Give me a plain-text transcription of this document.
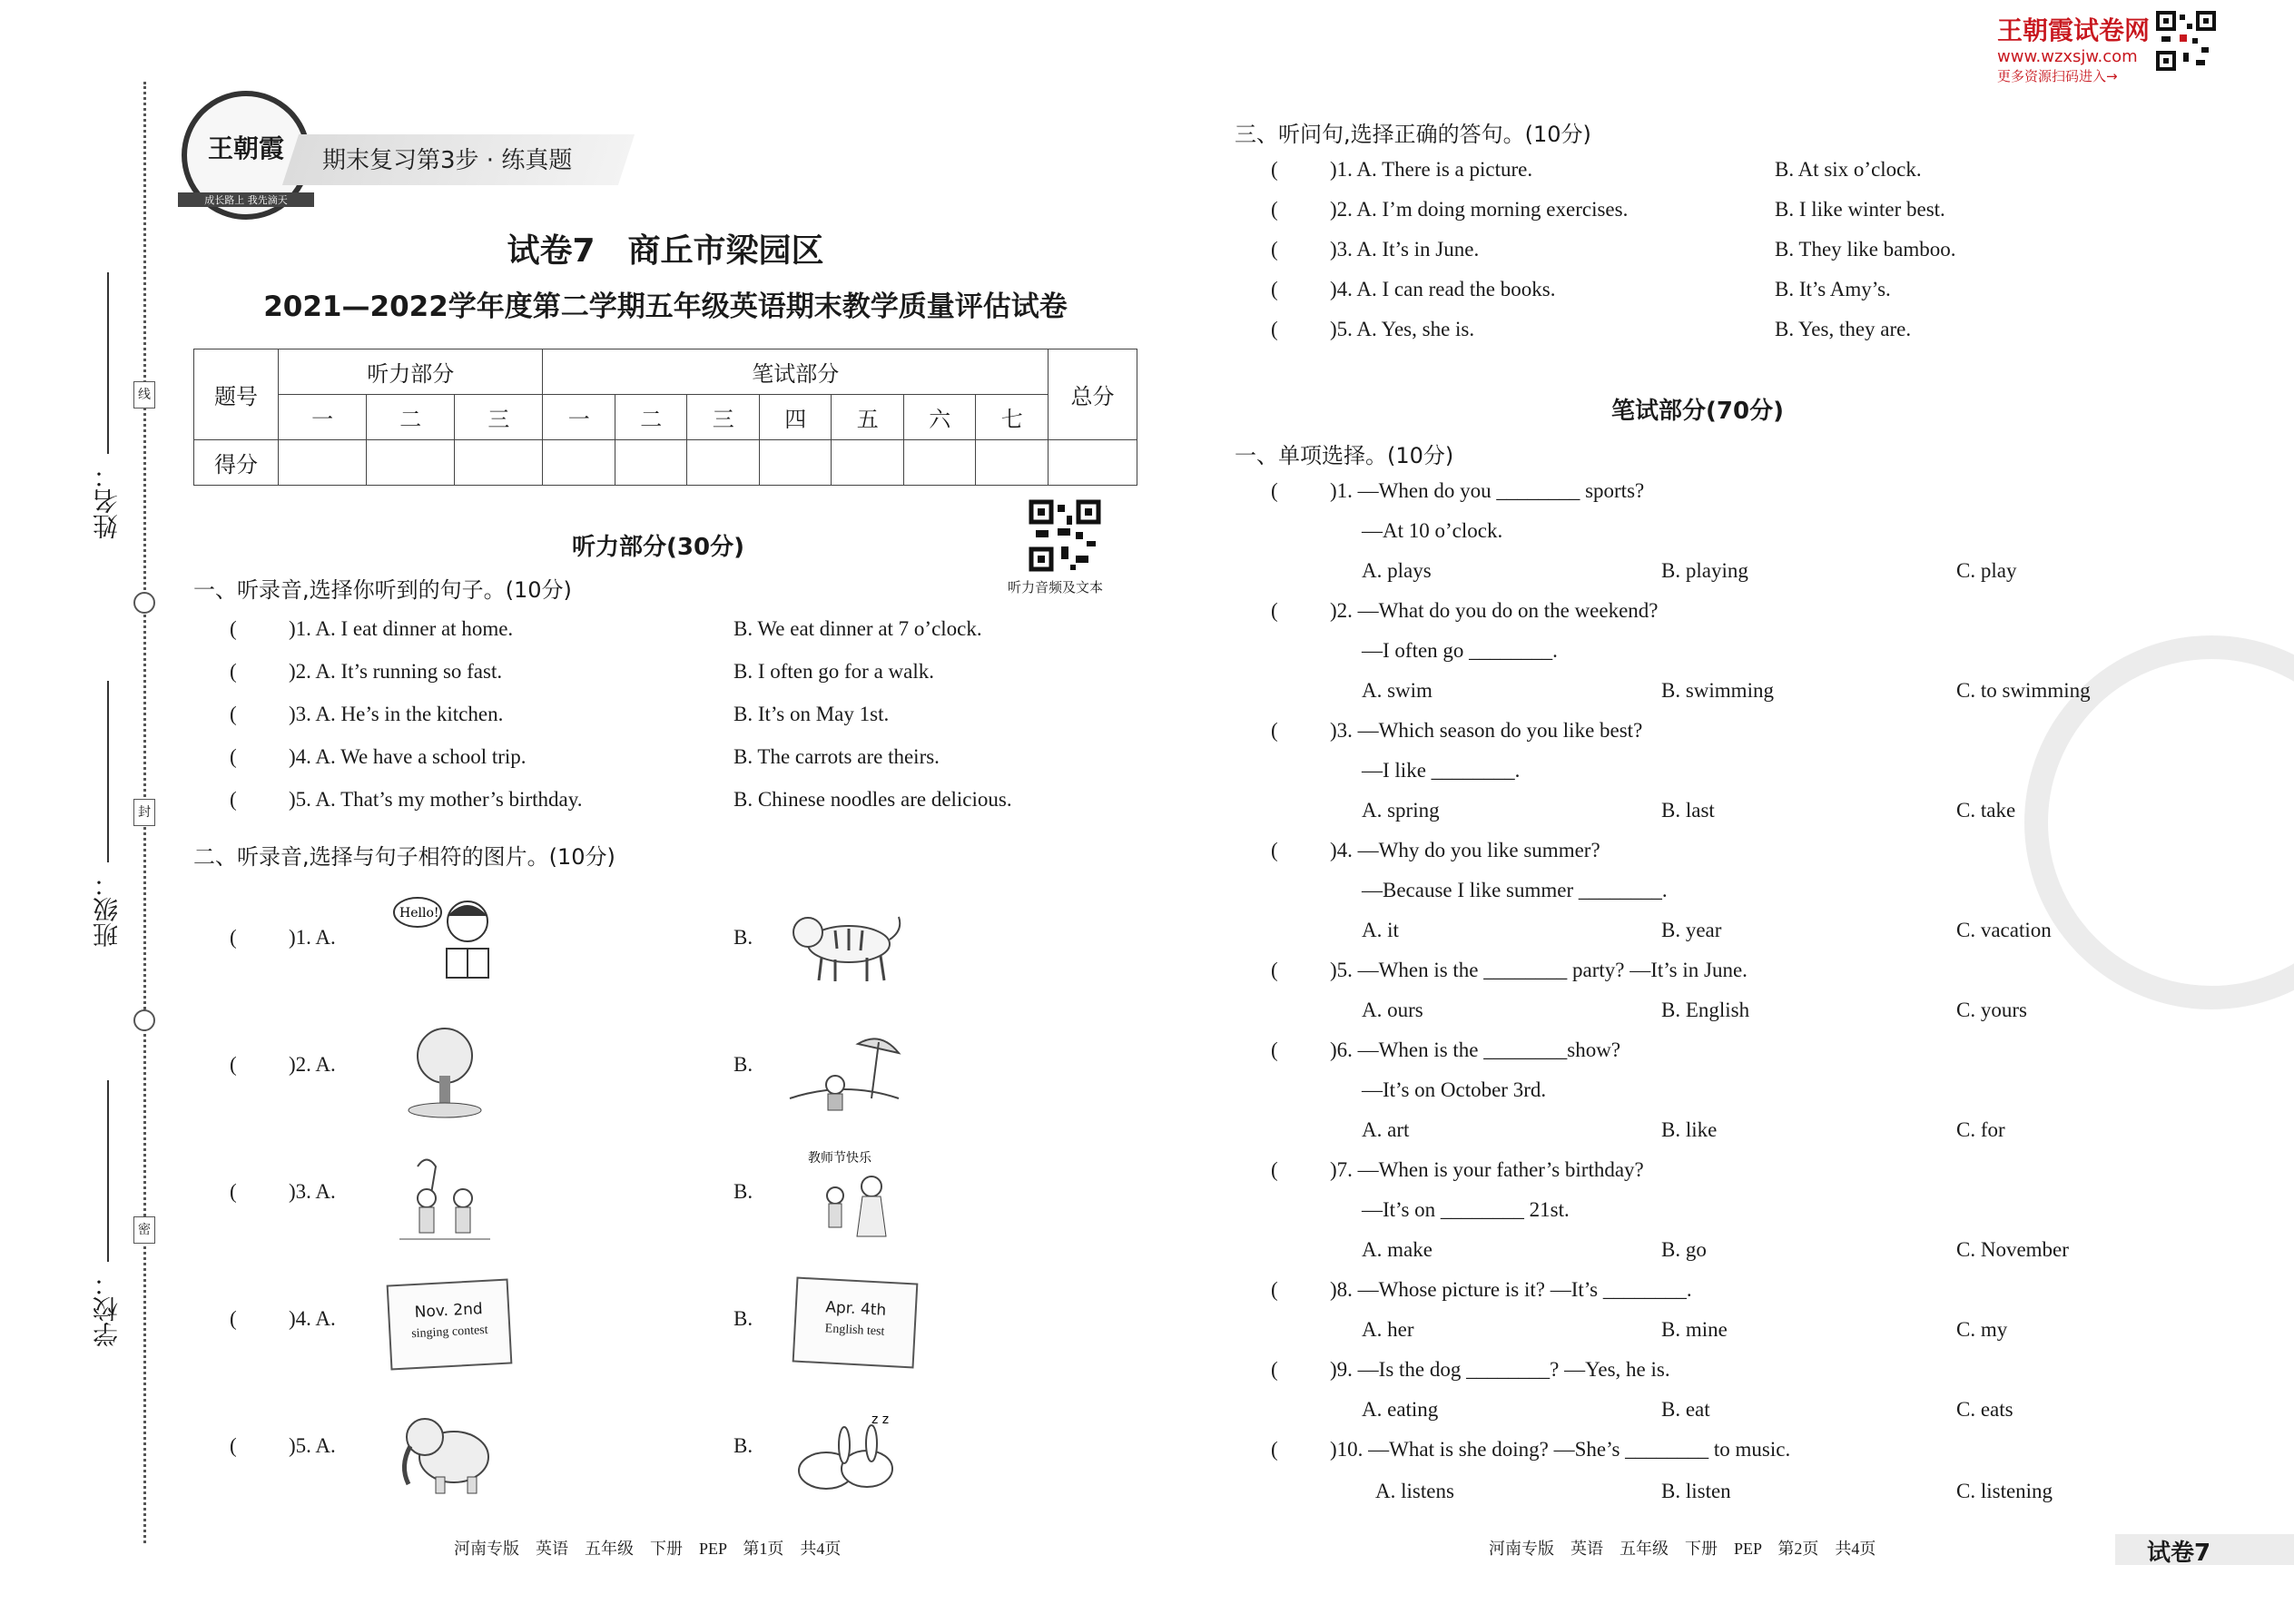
王朝霞试卷网
www.wzxsjw.com
更多资源扫码进入→
姓名：
班级：
学校：
线
封
密
王朝霞
成长路上 我先滴天
期末复习第3步 · 练真题
试卷7　商丘市梁园区
2021—2022学年度第二学期五年级英语期末教学质量评估试卷
题号	听力部分			笔试部分							总分
	一	二	三	一	二	三	四	五	六	七	
得分											
听力音频及文本
听力部分(30分)
一、听录音,选择你听到的句子。(10分)
( )1. A. I eat dinner at home.	B. We eat dinner at 7 o’clock.
( )2. A. It’s running so fast.	B. I often go for a walk.
( )3. A. He’s in the kitchen.	B. It’s on May 1st.
( )4. A. We have a school trip.	B. The carrots are theirs.
( )5. A. That’s my mother’s birthday.	B. Chinese noodles are delicious.
二、听录音,选择与句子相符的图片。(10分)
( )1. A.
Hello!
B.
( )2. A.	B.
( )3. A.	B.
教师节快乐
( )4. A.	Nov. 2nd
singing contest
B.	Apr. 4th
English test
( )5. A.	B.
z z
三、听问句,选择正确的答句。(10分)
( )1. A. There is a picture.	B. At six o’clock.
( )2. A. I’m doing morning exercises.	B. I like winter best.
( )3. A. It’s in June.	B. They like bamboo.
( )4. A. I can read the books.	B. It’s Amy’s.
( )5. A. Yes, she is.	B. Yes, they are.
笔试部分(70分)
一、单项选择。(10分)
( )1. —When do you ________ sports?
—At 10 o’clock.
A. plays	B. playing	C. play
( )2. —What do you do on the weekend?
—I often go ________.
A. swim	B. swimming	C. to swimming
( )3. —Which season do you like best?
—I like ________.
A. spring	B. last	C. take
( )4. —Why do you like summer?
—Because I like summer ________.
A. it	B. year	C. vacation
( )5. —When is the ________ party? —It’s in June.
A. ours	B. English	C. yours
( )6. —When is the ________show?
—It’s on October 3rd.
A. art	B. like	C. for
( )7. —When is your father’s birthday?
—It’s on ________ 21st.
A. make	B. go	C. November
( )8. —Whose picture is it? —It’s ________.
A. her	B. mine	C. my
( )9. —Is the dog ________? —Yes, he is.
A. eating	B. eat	C. eats
( )10. —What is she doing? —She’s ________ to music.
A. listens	B. listen	C. listening
河南专版　英语　五年级　下册　PEP　第1页　共4页	河南专版　英语　五年级　下册　PEP　第2页　共4页	试卷7
